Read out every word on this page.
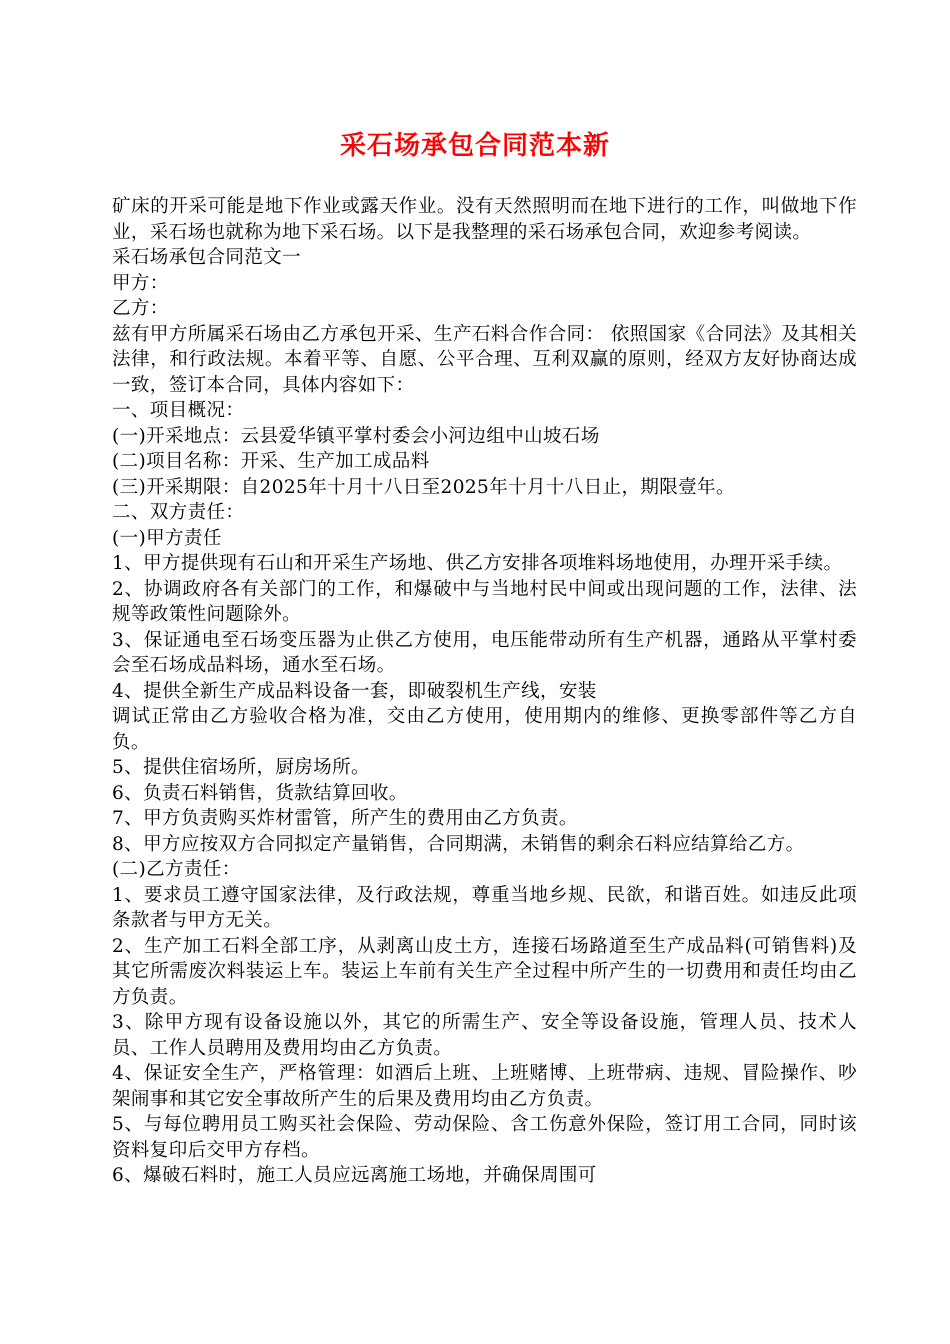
采石场承包合同范本新

矿床的开采可能是地下作业或露天作业。没有天然照明而在地下进行的工作，叫做地下作业，采石场也就称为地下采石场。以下是我整理的采石场承包合同，欢迎参考阅读。

采石场承包合同范文一

甲方：

乙方：

兹有甲方所属采石场由乙方承包开采、生产石料合作合同： 依照国家《合同法》及其相关法律，和行政法规。本着平等、自愿、公平合理、互利双赢的原则，经双方友好协商达成一致，签订本合同，具体内容如下：

一、项目概况：

(一)开采地点：云县爱华镇平掌村委会小河边组中山坡石场

(二)项目名称：开采、生产加工成品料

(三)开采期限：自2025年十月十八日至2025年十月十八日止，期限壹年。

二、双方责任：

(一)甲方责任

1、甲方提供现有石山和开采生产场地、供乙方安排各项堆料场地使用，办理开采手续。

2、协调政府各有关部门的工作，和爆破中与当地村民中间或出现问题的工作，法律、法规等政策性问题除外。

3、保证通电至石场变压器为止供乙方使用，电压能带动所有生产机器，通路从平掌村委会至石场成品料场，通水至石场。

4、提供全新生产成品料设备一套，即破裂机生产线，安装

调试正常由乙方验收合格为准，交由乙方使用，使用期内的维修、更换零部件等乙方自负。

5、提供住宿场所，厨房场所。

6、负责石料销售，货款结算回收。

7、甲方负责购买炸材雷管，所产生的费用由乙方负责。

8、甲方应按双方合同拟定产量销售，合同期满，未销售的剩余石料应结算给乙方。

(二)乙方责任：

1、要求员工遵守国家法律，及行政法规，尊重当地乡规、民欲，和谐百姓。如违反此项条款者与甲方无关。

2、生产加工石料全部工序，从剥离山皮土方，连接石场路道至生产成品料(可销售料)及其它所需废次料装运上车。装运上车前有关生产全过程中所产生的一切费用和责任均由乙方负责。

3、除甲方现有设备设施以外，其它的所需生产、安全等设备设施，管理人员、技术人员、工作人员聘用及费用均由乙方负责。

4、保证安全生产，严格管理：如酒后上班、上班赌博、上班带病、违规、冒险操作、吵架闹事和其它安全事故所产生的后果及费用均由乙方负责。

5、与每位聘用员工购买社会保险、劳动保险、含工伤意外保险，签订用工合同，同时该资料复印后交甲方存档。

6、爆破石料时，施工人员应远离施工场地，并确保周围可
